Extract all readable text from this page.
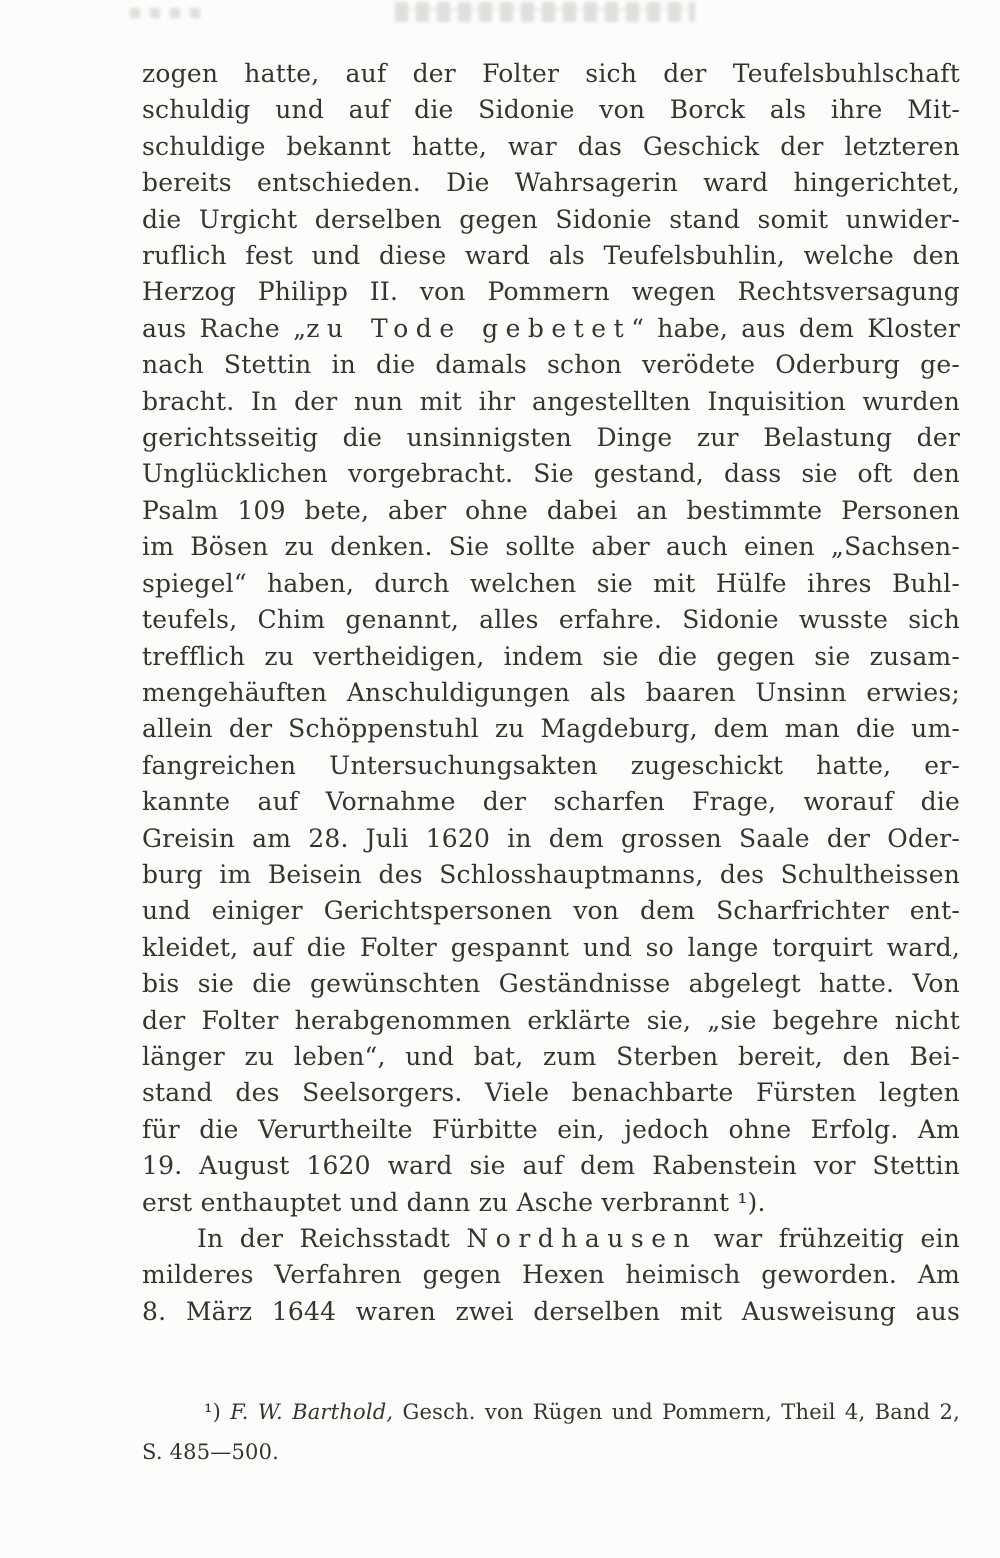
zogen hatte, auf der Folter sich der Teufelsbuhlschaft
schuldig und auf die Sidonie von Borck als ihre Mit-
schuldige bekannt hatte, war das Geschick der letzteren
bereits entschieden. Die Wahrsagerin ward hingerichtet,
die Urgicht derselben gegen Sidonie stand somit unwider-
ruflich fest und diese ward als Teufelsbuhlin, welche den
Herzog Philipp II. von Pommern wegen Rechtsversagung
aus Rache „zu Tode gebetet“ habe, aus dem Kloster
nach Stettin in die damals schon verödete Oderburg ge-
bracht. In der nun mit ihr angestellten Inquisition wurden
gerichtsseitig die unsinnigsten Dinge zur Belastung der
Unglücklichen vorgebracht. Sie gestand, dass sie oft den
Psalm 109 bete, aber ohne dabei an bestimmte Personen
im Bösen zu denken. Sie sollte aber auch einen „Sachsen-
spiegel“ haben, durch welchen sie mit Hülfe ihres Buhl-
teufels, Chim genannt, alles erfahre. Sidonie wusste sich
trefflich zu vertheidigen, indem sie die gegen sie zusam-
mengehäuften Anschuldigungen als baaren Unsinn erwies;
allein der Schöppenstuhl zu Magdeburg, dem man die um-
fangreichen Untersuchungsakten zugeschickt hatte, er-
kannte auf Vornahme der scharfen Frage, worauf die
Greisin am 28. Juli 1620 in dem grossen Saale der Oder-
burg im Beisein des Schlosshauptmanns, des Schultheissen
und einiger Gerichtspersonen von dem Scharfrichter ent-
kleidet, auf die Folter gespannt und so lange torquirt ward,
bis sie die gewünschten Geständnisse abgelegt hatte. Von
der Folter herabgenommen erklärte sie, „sie begehre nicht
länger zu leben“, und bat, zum Sterben bereit, den Bei-
stand des Seelsorgers. Viele benachbarte Fürsten legten
für die Verurtheilte Fürbitte ein, jedoch ohne Erfolg. Am
19. August 1620 ward sie auf dem Rabenstein vor Stettin
erst enthauptet und dann zu Asche verbrannt ¹).
In der Reichsstadt Nordhausen war frühzeitig ein
milderes Verfahren gegen Hexen heimisch geworden. Am
8. März 1644 waren zwei derselben mit Ausweisung aus
¹) F. W. Barthold, Gesch. von Rügen und Pommern, Theil 4, Band 2,
S. 485—500.
